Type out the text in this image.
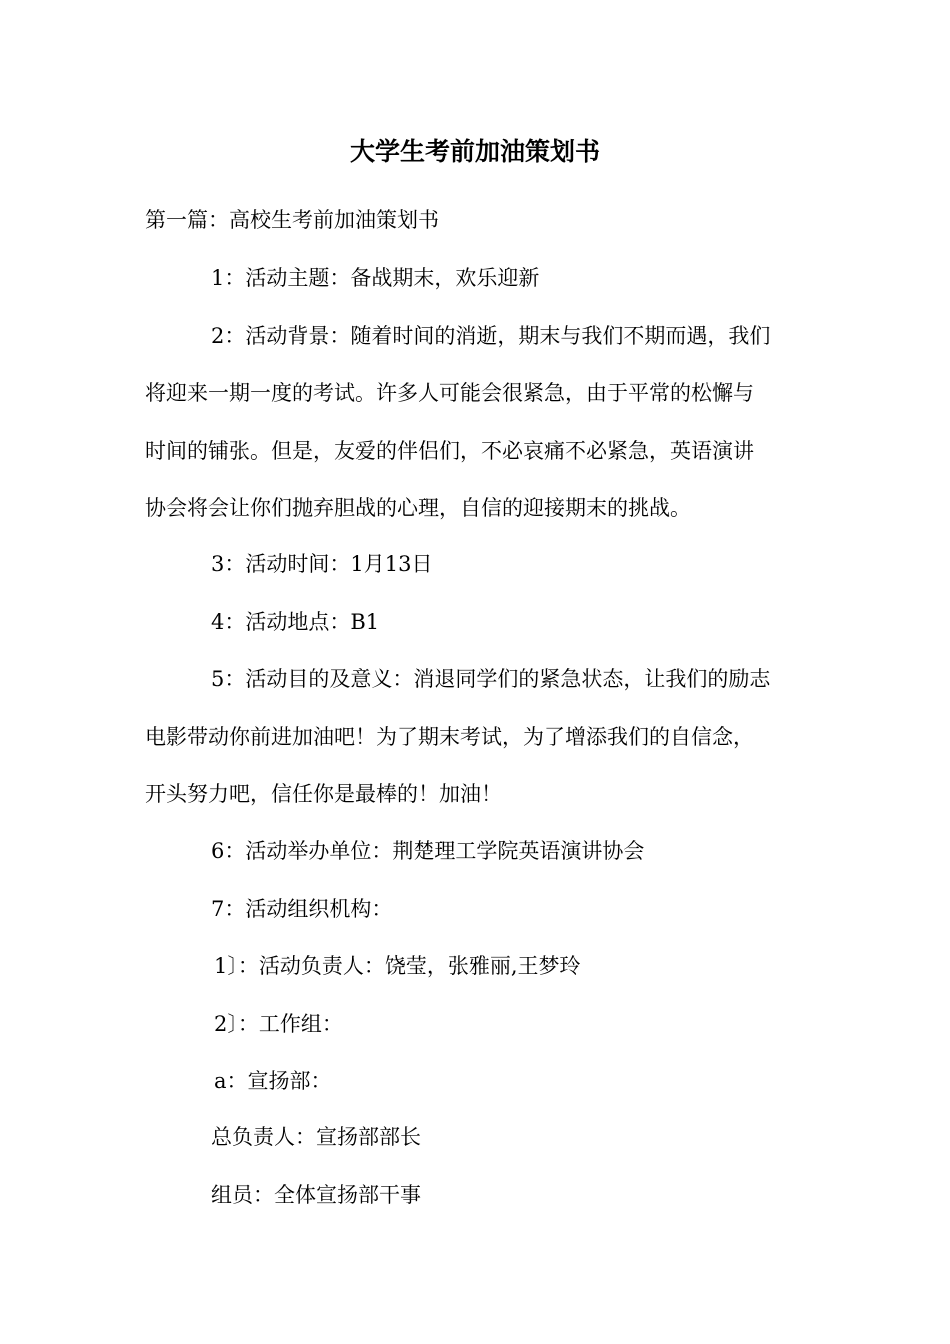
大学生考前加油策划书

第一篇：高校生考前加油策划书

1：活动主题：备战期末，欢乐迎新

2：活动背景：随着时间的消逝，期末与我们不期而遇，我们

将迎来一期一度的考试。许多人可能会很紧急，由于平常的松懈与

时间的铺张。但是，友爱的伴侣们，不必哀痛不必紧急，英语演讲

协会将会让你们抛弃胆战的心理，自信的迎接期末的挑战。

3：活动时间：1月13日

4：活动地点：B1

5：活动目的及意义：消退同学们的紧急状态，让我们的励志

电影带动你前进加油吧！为了期末考试，为了增添我们的自信念，

开头努力吧，信任你是最棒的！加油！

6：活动举办单位：荆楚理工学院英语演讲协会

7：活动组织机构：

1〕：活动负责人：饶莹，张雅丽,王梦玲

2〕：工作组：

a：宣扬部：

总负责人：宣扬部部长

组员：全体宣扬部干事
